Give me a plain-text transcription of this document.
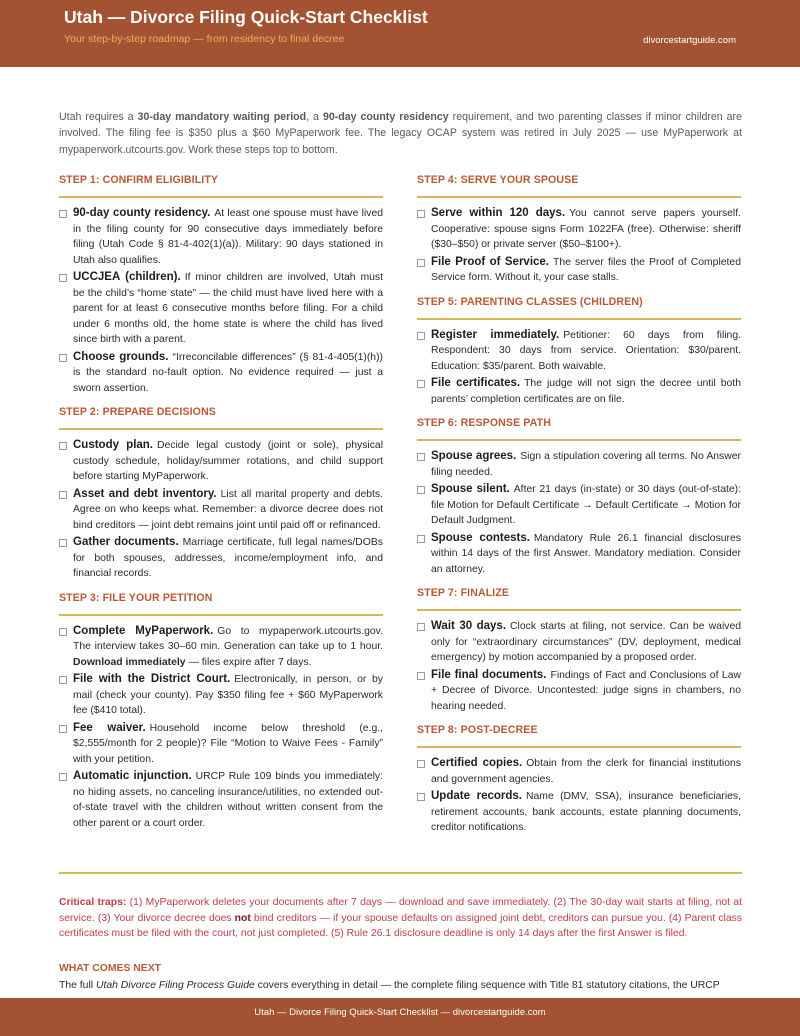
Utah — Divorce Filing Quick-Start Checklist
Your step-by-step roadmap — from residency to final decree	divorcestartguide.com
Utah requires a 30-day mandatory waiting period, a 90-day county residency requirement, and two parenting classes if minor children are involved. The filing fee is $350 plus a $60 MyPaperwork fee. The legacy OCAP system was retired in July 2025 — use MyPaperwork at mypaperwork.utcourts.gov. Work these steps top to bottom.
STEP 1: CONFIRM ELIGIBILITY
90-day county residency. At least one spouse must have lived in the filing county for 90 consecutive days immediately before filing (Utah Code § 81-4-402(1)(a)). Military: 90 days stationed in Utah also qualifies.
UCCJEA (children). If minor children are involved, Utah must be the child’s “home state” — the child must have lived here with a parent for at least 6 consecutive months before filing. For a child under 6 months old, the home state is where the child has lived since birth with a parent.
Choose grounds. “Irreconcilable differences” (§ 81-4-405(1)(h)) is the standard no-fault option. No evidence required — just a sworn assertion.
STEP 2: PREPARE DECISIONS
Custody plan. Decide legal custody (joint or sole), physical custody schedule, holiday/summer rotations, and child support before starting MyPaperwork.
Asset and debt inventory. List all marital property and debts. Agree on who keeps what. Remember: a divorce decree does not bind creditors — joint debt remains joint until paid off or refinanced.
Gather documents. Marriage certificate, full legal names/DOBs for both spouses, addresses, income/employment info, and financial records.
STEP 3: FILE YOUR PETITION
Complete MyPaperwork. Go to mypaperwork.utcourts.gov. The interview takes 30–60 min. Generation can take up to 1 hour. Download immediately — files expire after 7 days.
File with the District Court. Electronically, in person, or by mail (check your county). Pay $350 filing fee + $60 MyPaperwork fee ($410 total).
Fee waiver. Household income below threshold (e.g., $2,555/month for 2 people)? File “Motion to Waive Fees - Family” with your petition.
Automatic injunction. URCP Rule 109 binds you immediately: no hiding assets, no canceling insurance/utilities, no extended out-of-state travel with the children without written consent from the other parent or a court order.
STEP 4: SERVE YOUR SPOUSE
Serve within 120 days. You cannot serve papers yourself. Cooperative: spouse signs Form 1022FA (free). Otherwise: sheriff ($30–$50) or private server ($50–$100+).
File Proof of Service. The server files the Proof of Completed Service form. Without it, your case stalls.
STEP 5: PARENTING CLASSES (CHILDREN)
Register immediately. Petitioner: 60 days from filing. Respondent: 30 days from service. Orientation: $30/parent. Education: $35/parent. Both waivable.
File certificates. The judge will not sign the decree until both parents’ completion certificates are on file.
STEP 6: RESPONSE PATH
Spouse agrees. Sign a stipulation covering all terms. No Answer filing needed.
Spouse silent. After 21 days (in-state) or 30 days (out-of-state): file Motion for Default Certificate → Default Certificate → Motion for Default Judgment.
Spouse contests. Mandatory Rule 26.1 financial disclosures within 14 days of the first Answer. Mandatory mediation. Consider an attorney.
STEP 7: FINALIZE
Wait 30 days. Clock starts at filing, not service. Can be waived only for “extraordinary circumstances” (DV, deployment, medical emergency) by motion accompanied by a proposed order.
File final documents. Findings of Fact and Conclusions of Law + Decree of Divorce. Uncontested: judge signs in chambers, no hearing needed.
STEP 8: POST-DECREE
Certified copies. Obtain from the clerk for financial institutions and government agencies.
Update records. Name (DMV, SSA), insurance beneficiaries, retirement accounts, bank accounts, estate planning documents, creditor notifications.
Critical traps: (1) MyPaperwork deletes your documents after 7 days — download and save immediately. (2) The 30-day wait starts at filing, not at service. (3) Your divorce decree does not bind creditors — if your spouse defaults on assigned joint debt, creditors can pursue you. (4) Parent class certificates must be filed with the court, not just completed. (5) Rule 26.1 disclosure deadline is only 14 days after the first Answer is filed.
WHAT COMES NEXT
The full Utah Divorce Filing Process Guide covers everything in detail — the complete filing sequence with Title 81 statutory citations, the URCP
Utah — Divorce Filing Quick-Start Checklist — divorcestartguide.com
